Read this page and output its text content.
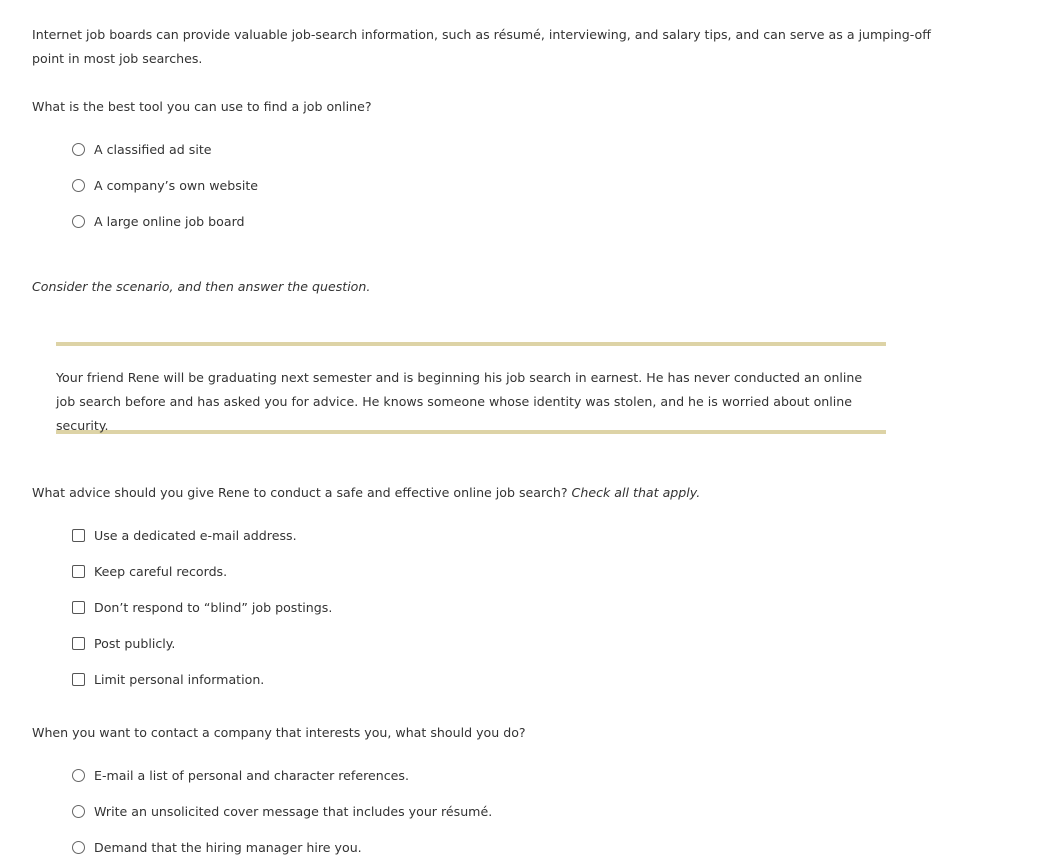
Internet job boards can provide valuable job-search information, such as résumé, interviewing, and salary tips, and can serve as a jumping-off point in most job searches.

What is the best tool you can use to find a job online?

A classified ad site
A company’s own website
A large online job board

Consider the scenario, and then answer the question.

Your friend Rene will be graduating next semester and is beginning his job search in earnest. He has never conducted an online job search before and has asked you for advice. He knows someone whose identity was stolen, and he is worried about online security.

What advice should you give Rene to conduct a safe and effective online job search? Check all that apply.

Use a dedicated e-mail address.
Keep careful records.
Don’t respond to “blind” job postings.
Post publicly.
Limit personal information.

When you want to contact a company that interests you, what should you do?

E-mail a list of personal and character references.
Write an unsolicited cover message that includes your résumé.
Demand that the hiring manager hire you.
